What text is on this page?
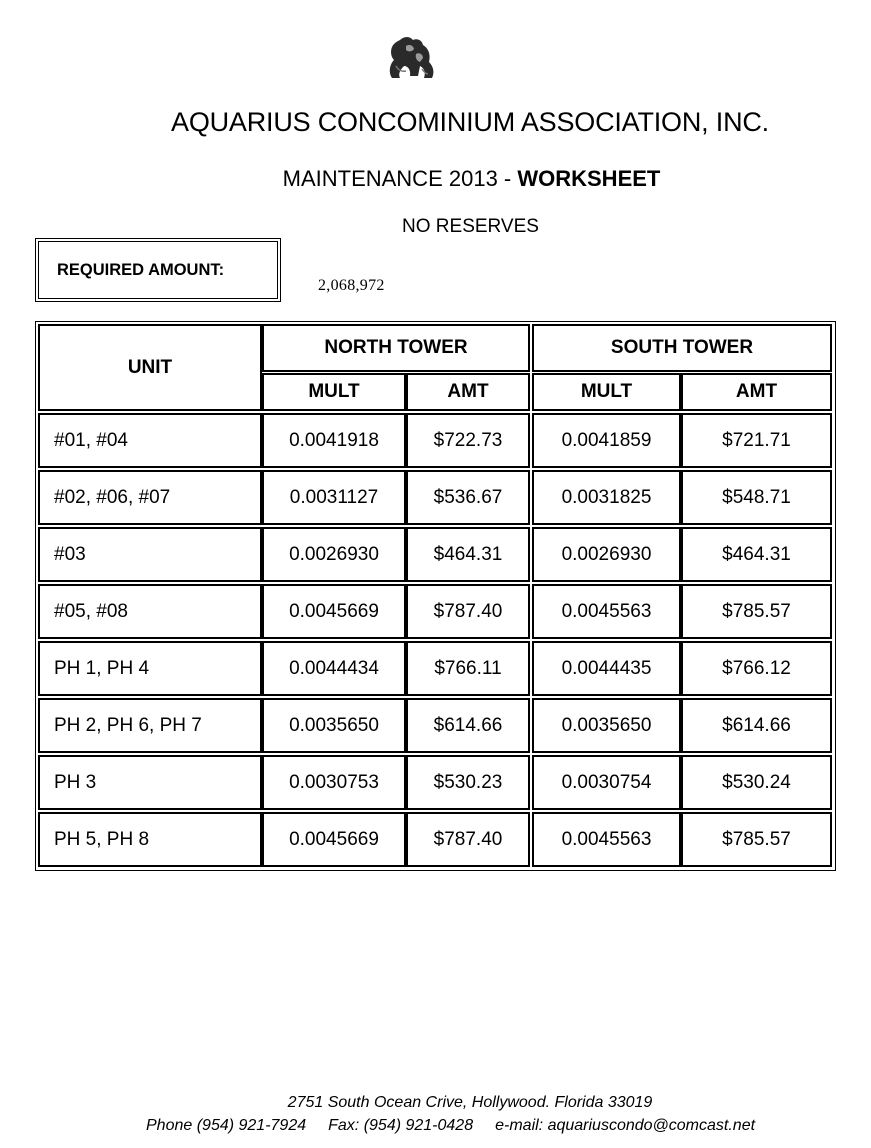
AQUARIUS CONCOMINIUM ASSOCIATION, INC.
MAINTENANCE 2013 - WORKSHEET
NO RESERVES
REQUIRED AMOUNT:
2,068,972
UNIT
NORTH TOWER	SOUTH TOWER
MULT	AMT	MULT	AMT
#01, #04	0.0041918	$722.73	0.0041859	$721.71
#02, #06, #07	0.0031127	$536.67	0.0031825	$548.71
#03	0.0026930	$464.31	0.0026930	$464.31
#05, #08	0.0045669	$787.40	0.0045563	$785.57
PH 1, PH 4	0.0044434	$766.11	0.0044435	$766.12
PH 2, PH 6, PH 7	0.0035650	$614.66	0.0035650	$614.66
PH 3	0.0030753	$530.23	0.0030754	$530.24
PH 5, PH 8	0.0045669	$787.40	0.0045563	$785.57
2751 South Ocean Crive, Hollywood. Florida 33019
Phone (954) 921-7924 Fax: (954) 921-0428 e-mail: aquariuscondo@comcast.net
